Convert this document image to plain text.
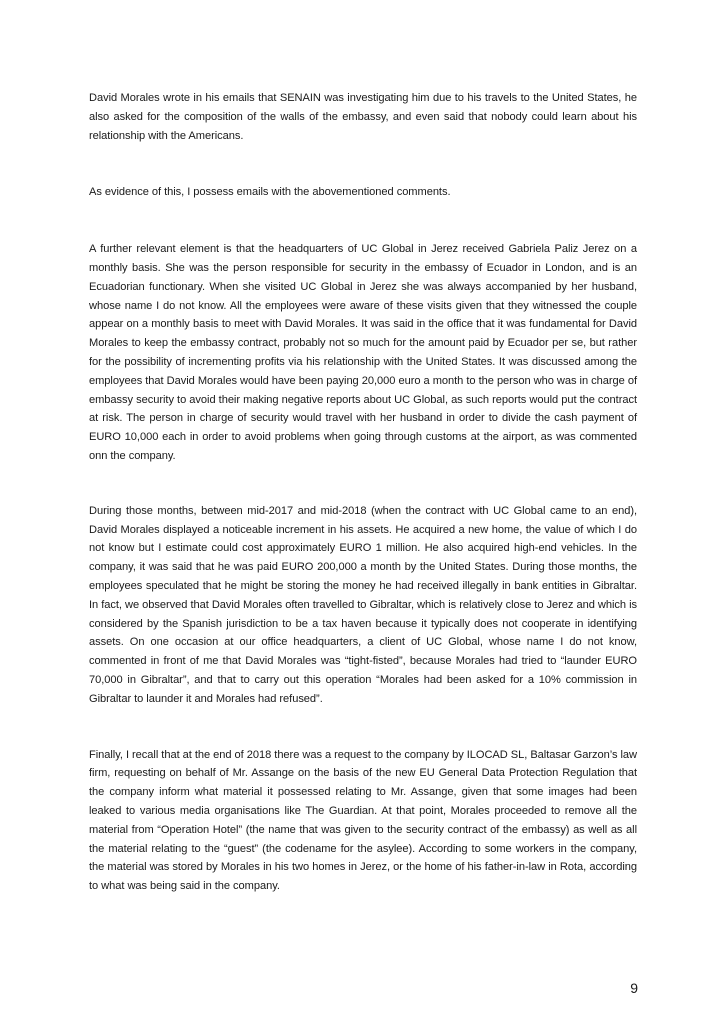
David Morales wrote in his emails that SENAIN was investigating him due to his travels to the United States, he also asked for the composition of the walls of the embassy, and even said that nobody could learn about his relationship with the Americans.

As evidence of this, I possess emails with the abovementioned comments.

A further relevant element is that the headquarters of UC Global in Jerez received Gabriela Paliz Jerez on a monthly basis. She was the person responsible for security in the embassy of Ecuador in London, and is an Ecuadorian functionary. When she visited UC Global in Jerez she was always accompanied by her husband, whose name I do not know. All the employees were aware of these visits given that they witnessed the couple appear on a monthly basis to meet with David Morales. It was said in the office that it was fundamental for David Morales to keep the embassy contract, probably not so much for the amount paid by Ecuador per se, but rather for the possibility of incrementing profits via his relationship with the United States. It was discussed among the employees that David Morales would have been paying 20,000 euro a month to the person who was in charge of embassy security to avoid their making negative reports about UC Global, as such reports would put the contract at risk. The person in charge of security would travel with her husband in order to divide the cash payment of EURO 10,000 each in order to avoid problems when going through customs at the airport, as was commented onn the company.

During those months, between mid-2017 and mid-2018 (when the contract with UC Global came to an end), David Morales displayed a noticeable increment in his assets. He acquired a new home, the value of which I do not know but I estimate could cost approximately EURO 1 million. He also acquired high-end vehicles. In the company, it was said that he was paid EURO 200,000 a month by the United States. During those months, the employees speculated that he might be storing the money he had received illegally in bank entities in Gibraltar. In fact, we observed that David Morales often travelled to Gibraltar, which is relatively close to Jerez and which is considered by the Spanish jurisdiction to be a tax haven because it typically does not cooperate in identifying assets. On one occasion at our office headquarters, a client of UC Global, whose name I do not know, commented in front of me that David Morales was “tight-fisted”, because Morales had tried to “launder EURO 70,000 in Gibraltar”, and that to carry out this operation “Morales had been asked for a 10% commission in Gibraltar to launder it and Morales had refused”.

Finally, I recall that at the end of 2018 there was a request to the company by ILOCAD SL, Baltasar Garzon’s law firm, requesting on behalf of Mr. Assange on the basis of the new EU General Data Protection Regulation that the company inform what material it possessed relating to Mr. Assange, given that some images had been leaked to various media organisations like The Guardian. At that point, Morales proceeded to remove all the material from “Operation Hotel” (the name that was given to the security contract of the embassy) as well as all the material relating to the “guest” (the codename for the asylee). According to some workers in the company, the material was stored by Morales in his two homes in Jerez, or the home of his father-in-law in Rota, according to what was being said in the company.

9
